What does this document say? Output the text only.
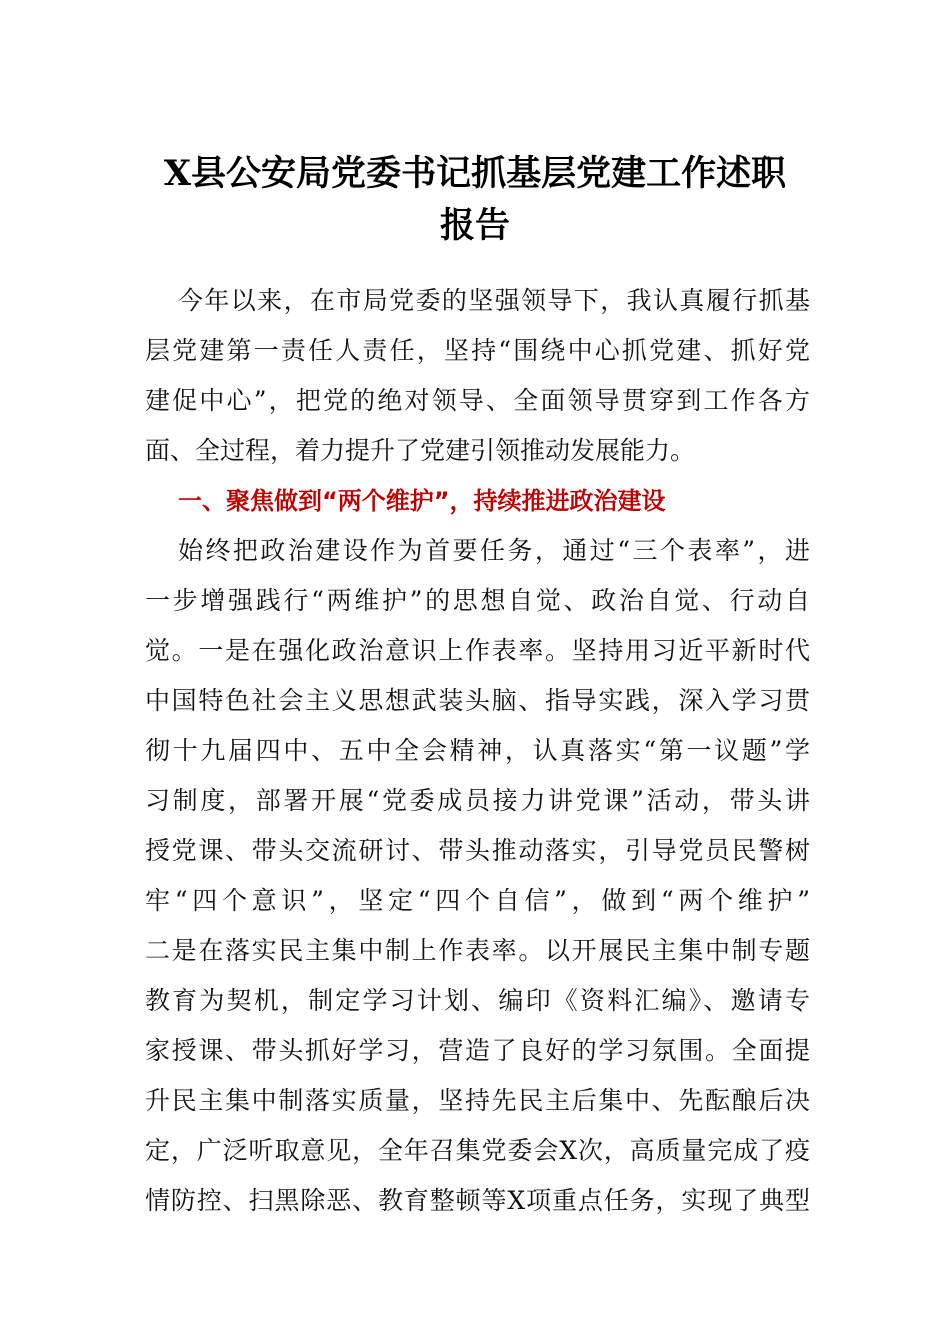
X县公安局党委书记抓基层党建工作述职
报告
今年以来，在市局党委的坚强领导下，我认真履行抓基
层党建第一责任人责任，坚持“围绕中心抓党建、抓好党
建促中心”，把党的绝对领导、全面领导贯穿到工作各方
面、全过程，着力提升了党建引领推动发展能力。
一、聚焦做到“两个维护”，持续推进政治建设
始终把政治建设作为首要任务，通过“三个表率”，进
一步增强践行“两维护”的思想自觉、政治自觉、行动自
觉。一是在强化政治意识上作表率。坚持用习近平新时代
中国特色社会主义思想武装头脑、指导实践，深入学习贯
彻十九届四中、五中全会精神，认真落实“第一议题”学
习制度，部署开展“党委成员接力讲党课”活动，带头讲
授党课、带头交流研讨、带头推动落实，引导党员民警树
牢“四个意识”，坚定“四个自信”，做到“两个维护”
二是在落实民主集中制上作表率。以开展民主集中制专题
教育为契机，制定学习计划、编印《资料汇编》、邀请专
家授课、带头抓好学习，营造了良好的学习氛围。全面提
升民主集中制落实质量，坚持先民主后集中、先酝酿后决
定，广泛听取意见，全年召集党委会X次，高质量完成了疫
情防控、扫黑除恶、教育整顿等X项重点任务，实现了典型
